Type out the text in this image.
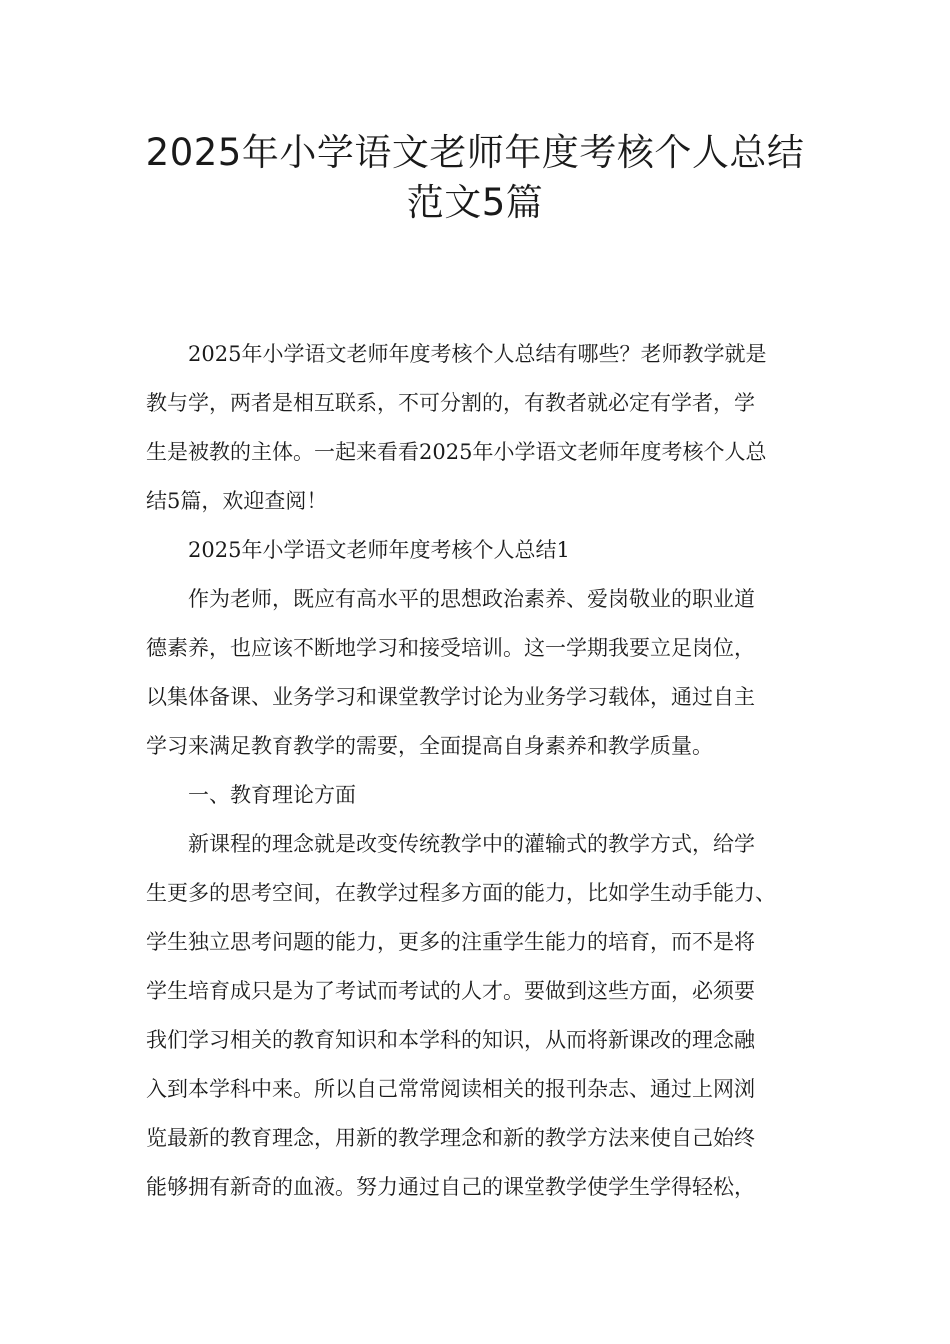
2025年小学语文老师年度考核个人总结
范文5篇
2025年小学语文老师年度考核个人总结有哪些？老师教学就是
教与学，两者是相互联系，不可分割的，有教者就必定有学者，学
生是被教的主体。一起来看看2025年小学语文老师年度考核个人总
结5篇，欢迎查阅！
2025年小学语文老师年度考核个人总结1
作为老师，既应有高水平的思想政治素养、爱岗敬业的职业道
德素养，也应该不断地学习和接受培训。这一学期我要立足岗位，
以集体备课、业务学习和课堂教学讨论为业务学习载体，通过自主
学习来满足教育教学的需要，全面提高自身素养和教学质量。
一、教育理论方面
新课程的理念就是改变传统教学中的灌输式的教学方式，给学
生更多的思考空间，在教学过程多方面的能力，比如学生动手能力、
学生独立思考问题的能力，更多的注重学生能力的培育，而不是将
学生培育成只是为了考试而考试的人才。要做到这些方面，必须要
我们学习相关的教育知识和本学科的知识，从而将新课改的理念融
入到本学科中来。所以自己常常阅读相关的报刊杂志、通过上网浏
览最新的教育理念，用新的教学理念和新的教学方法来使自己始终
能够拥有新奇的血液。努力通过自己的课堂教学使学生学得轻松，
